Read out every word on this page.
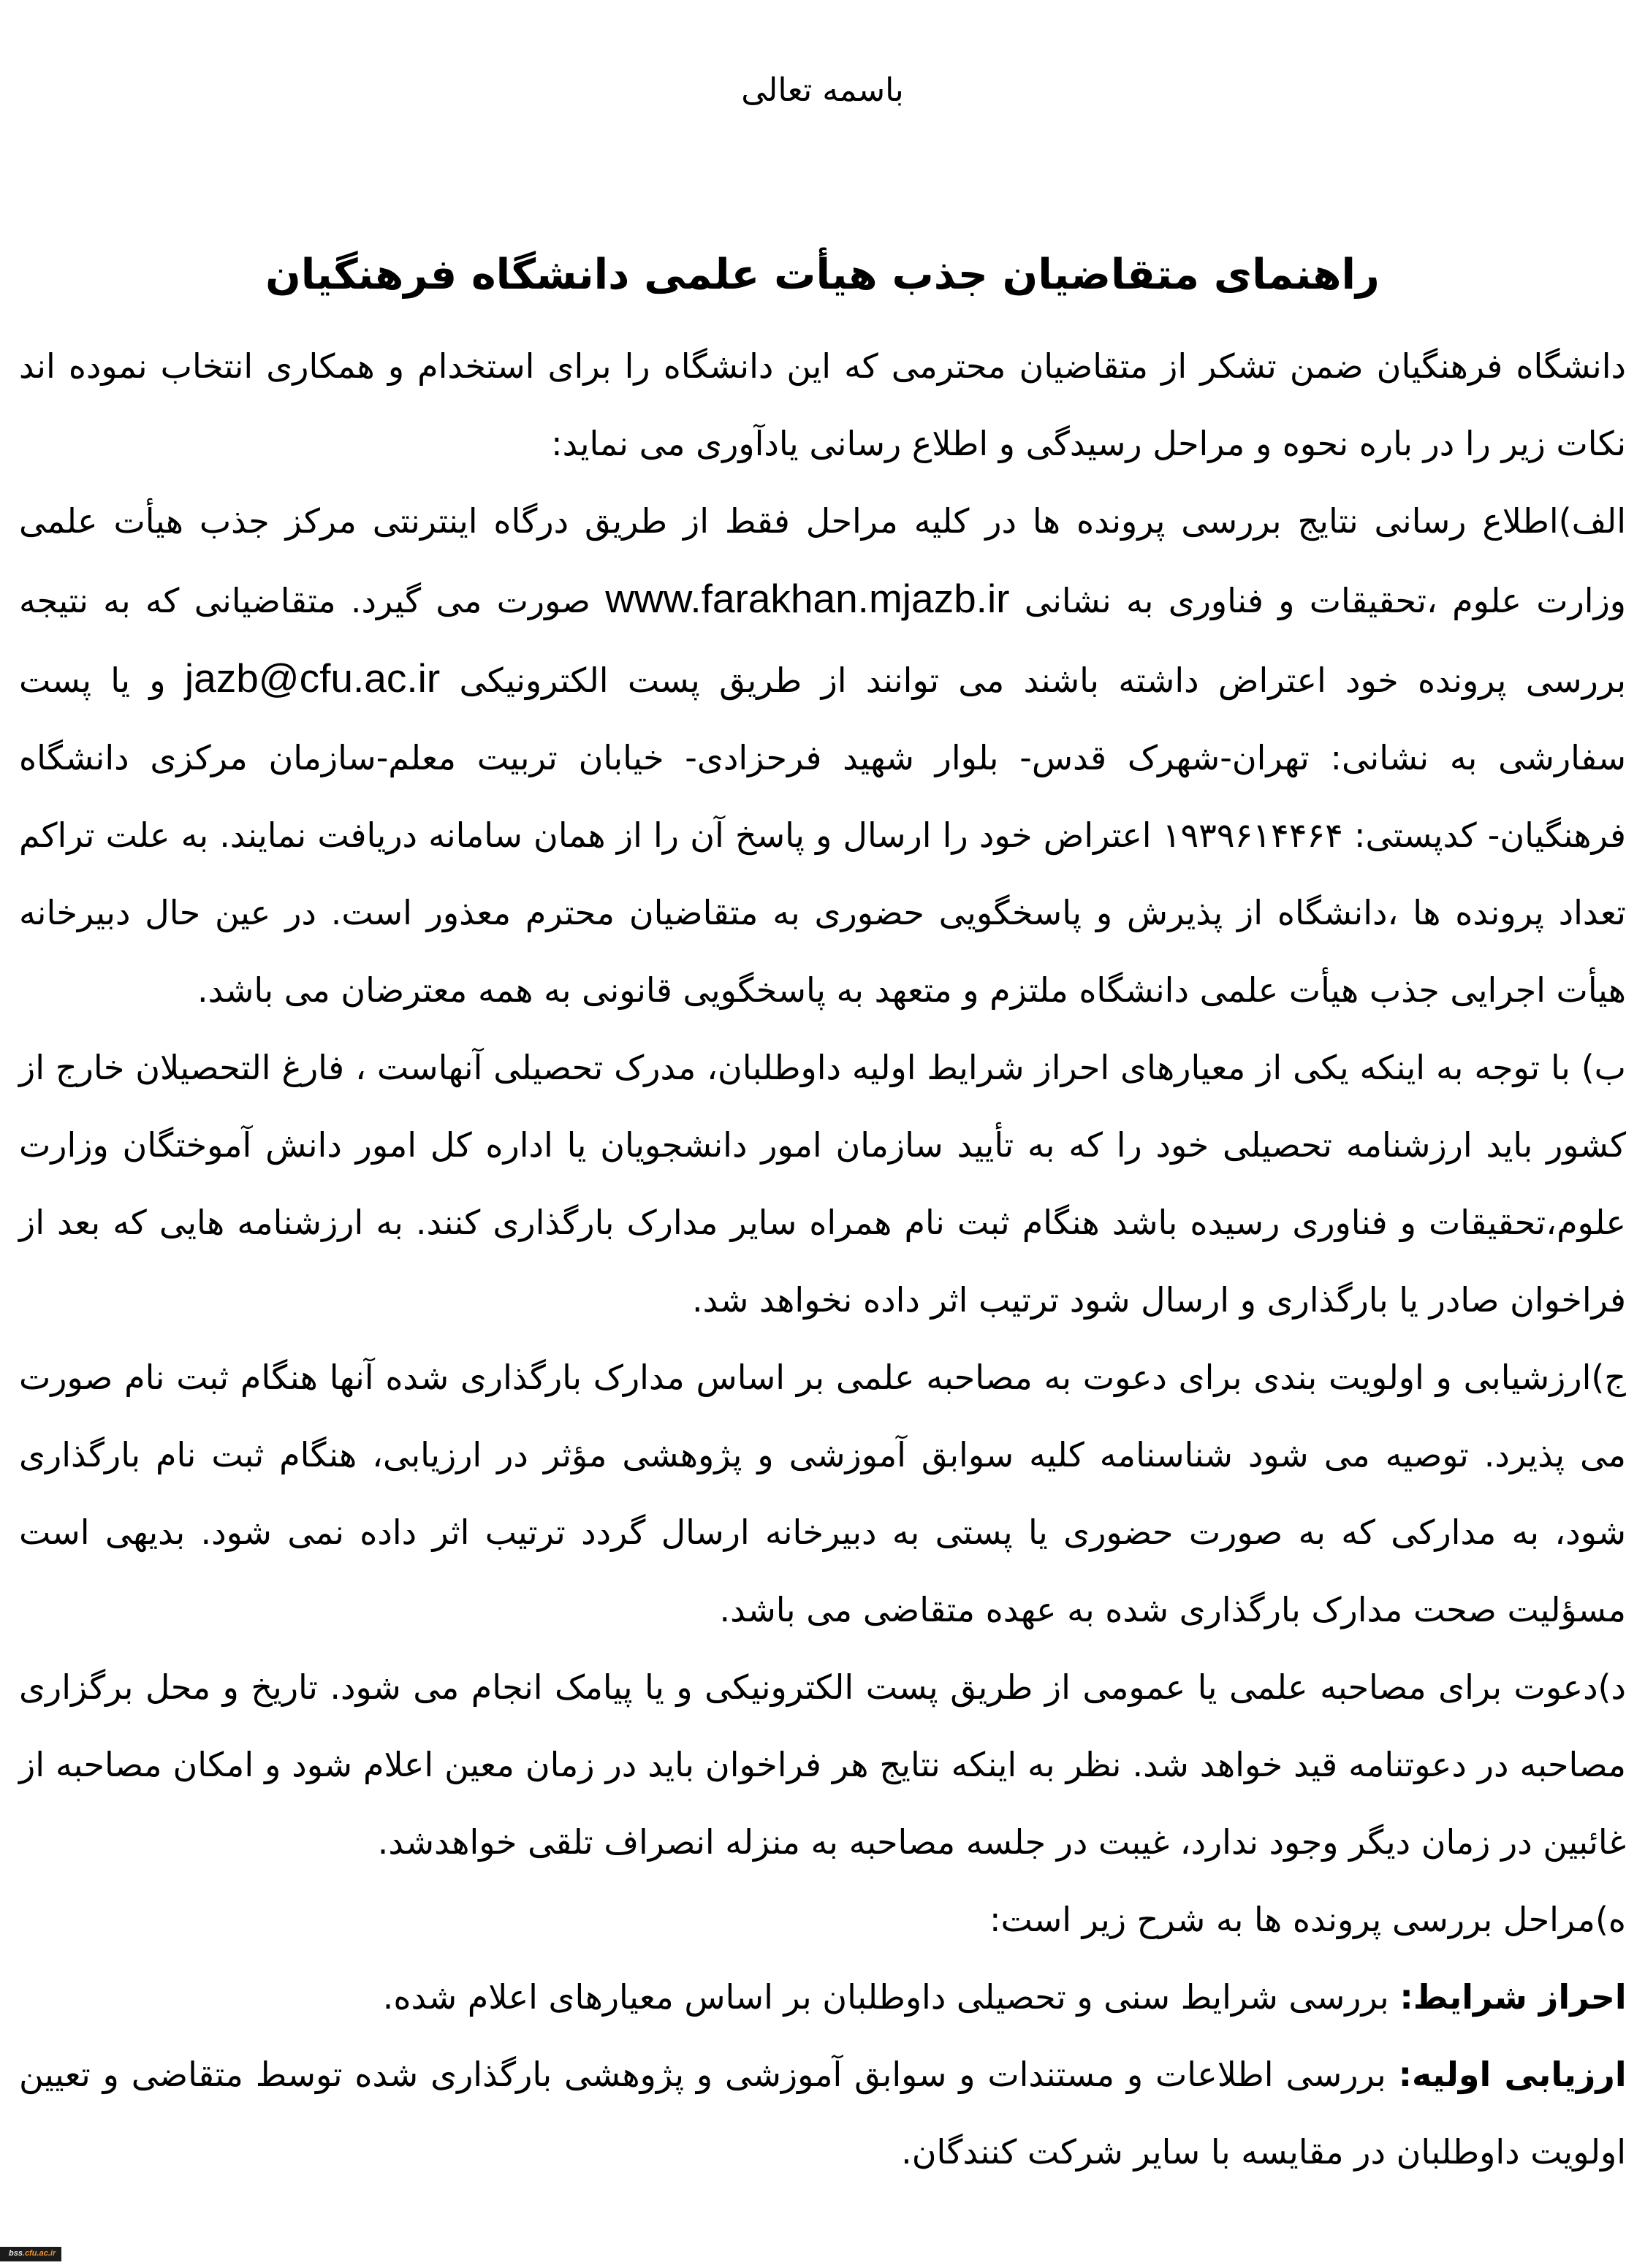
باسمه تعالی
راهنمای متقاضیان جذب هیأت علمی دانشگاه فرهنگیان

دانشگاه فرهنگیان ضمن تشکر از متقاضیان محترمی که این دانشگاه را برای استخدام و همکاری انتخاب نموده اند نکات زیر را در باره نحوه و مراحل رسیدگی و اطلاع رسانی یادآوری می نماید:

الف)اطلاع رسانی نتایج بررسی پرونده ها در کلیه مراحل فقط از طریق درگاه اینترنتی مرکز جذب هیأت علمی وزارت علوم ،تحقیقات و فناوری به نشانی www.farakhan.mjazb.ir صورت می گیرد. متقاضیانی که به نتیجه بررسی پرونده خود اعتراض داشته باشند می توانند از طریق پست الکترونیکی jazb@cfu.ac.ir و یا پست سفارشی به نشانی: تهران-شهرک قدس- بلوار شهید فرحزادی- خیابان تربیت معلم-سازمان مرکزی دانشگاه فرهنگیان- کدپستی: ۱۹۳۹۶۱۴۴۶۴ اعتراض خود را ارسال و پاسخ آن را از همان سامانه دریافت نمایند. به علت تراکم تعداد پرونده ها ،دانشگاه از پذیرش و پاسخگویی حضوری به متقاضیان محترم معذور است. در عین حال دبیرخانه هیأت اجرایی جذب هیأت علمی دانشگاه ملتزم و متعهد به پاسخگویی قانونی به همه معترضان می باشد.

ب) با توجه به اینکه یکی از معیارهای احراز شرایط اولیه داوطلبان، مدرک تحصیلی آنهاست ، فارغ التحصیلان خارج از کشور باید ارزشنامه تحصیلی خود را که به تأیید سازمان امور دانشجویان یا اداره کل امور دانش آموختگان وزارت علوم،تحقیقات و فناوری رسیده باشد هنگام ثبت نام همراه سایر مدارک بارگذاری کنند. به ارزشنامه هایی که بعد از فراخوان صادر یا بارگذاری و ارسال شود ترتیب اثر داده نخواهد شد.

ج)ارزشیابی و اولویت بندی برای دعوت به مصاحبه علمی بر اساس مدارک بارگذاری شده آنها هنگام ثبت نام صورت می پذیرد. توصیه می شود شناسنامه کلیه سوابق آموزشی و پژوهشی مؤثر در ارزیابی، هنگام ثبت نام بارگذاری شود، به مدارکی که به صورت حضوری یا پستی به دبیرخانه ارسال گردد ترتیب اثر داده نمی شود. بدیهی است مسؤلیت صحت مدارک بارگذاری شده به عهده متقاضی می باشد.

د)دعوت برای مصاحبه علمی یا عمومی از طریق پست الکترونیکی و یا پیامک انجام می شود. تاریخ و محل برگزاری مصاحبه در دعوتنامه قید خواهد شد. نظر به اینکه نتایج هر فراخوان باید در زمان معین اعلام شود و امکان مصاحبه از غائبین در زمان دیگر وجود ندارد، غیبت در جلسه مصاحبه به منزله انصراف تلقی خواهدشد.

ه)مراحل بررسی پرونده ها به شرح زیر است:

احراز شرایط: بررسی شرایط سنی و تحصیلی داوطلبان بر اساس معیارهای اعلام شده.

ارزیابی اولیه: بررسی اطلاعات و مستندات و سوابق آموزشی و پژوهشی بارگذاری شده توسط متقاضی و تعیین اولویت داوطلبان در مقایسه با سایر شرکت کنندگان.

bss.cfu.ac.ir
